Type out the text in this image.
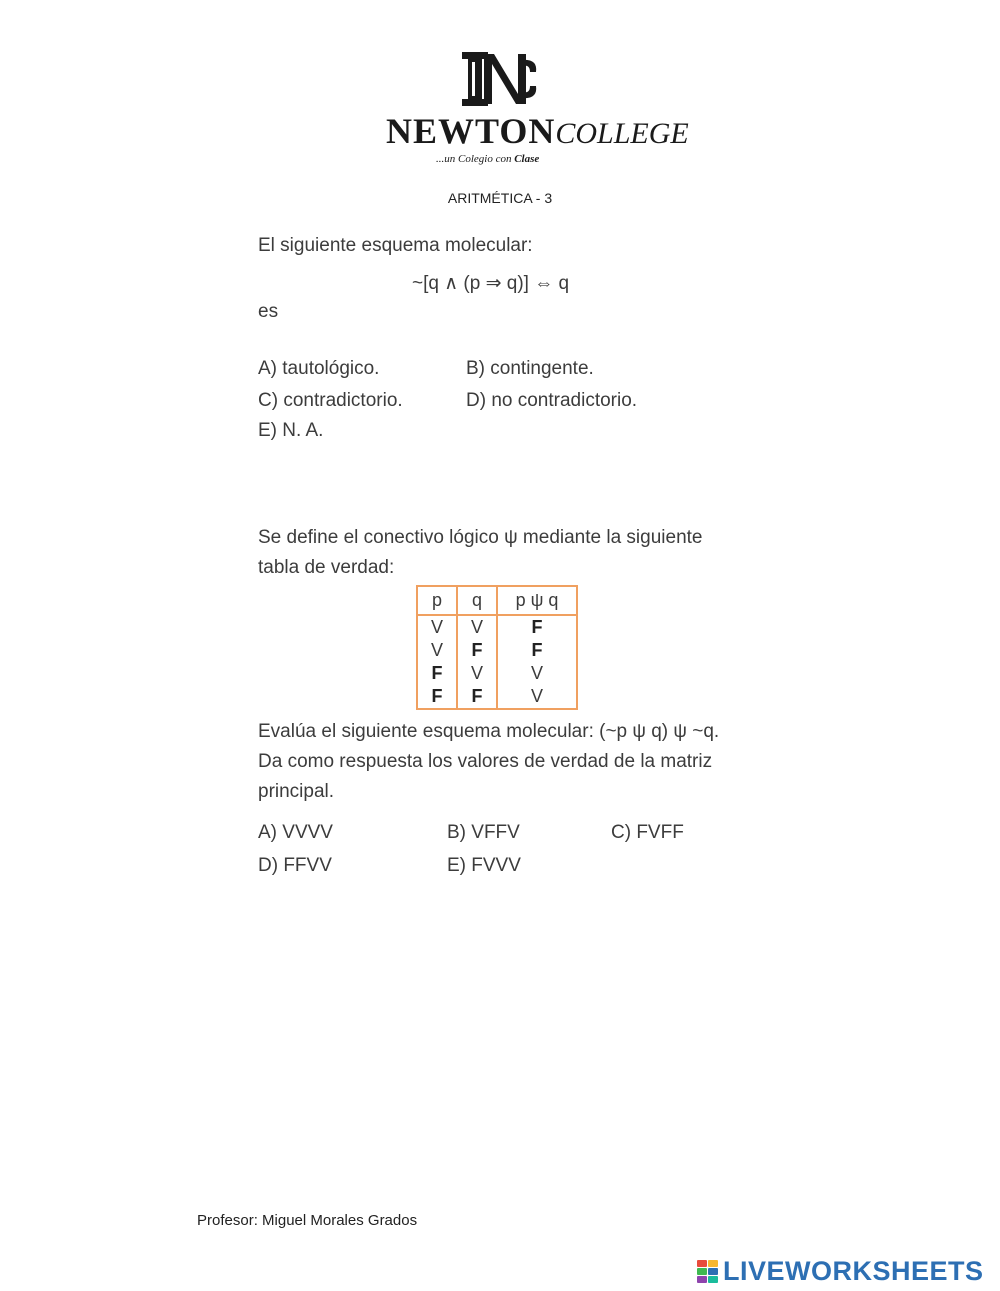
NEWTONCOLLEGE
...un Colegio con Clase
ARITMÉTICA - 3
El siguiente esquema molecular:
~[q ∧ (p ⇒ q)] ⇔ q
es
A) tautológico.	B) contingente.
C) contradictorio.	D) no contradictorio.
E) N. A.
Se define el conectivo lógico ψ mediante la siguiente
tabla de verdad:
p	q	p ψ q
V	V	F
V	F	F
F	V	V
F	F	V
Evalúa el siguiente esquema molecular: (~p ψ q) ψ ~q.
Da como respuesta los valores de verdad de la matriz
principal.
A) VVVV	B) VFFV	C) FVFF
D) FFVV	E) FVVV
Profesor: Miguel Morales Grados
LIVEWORKSHEETS
